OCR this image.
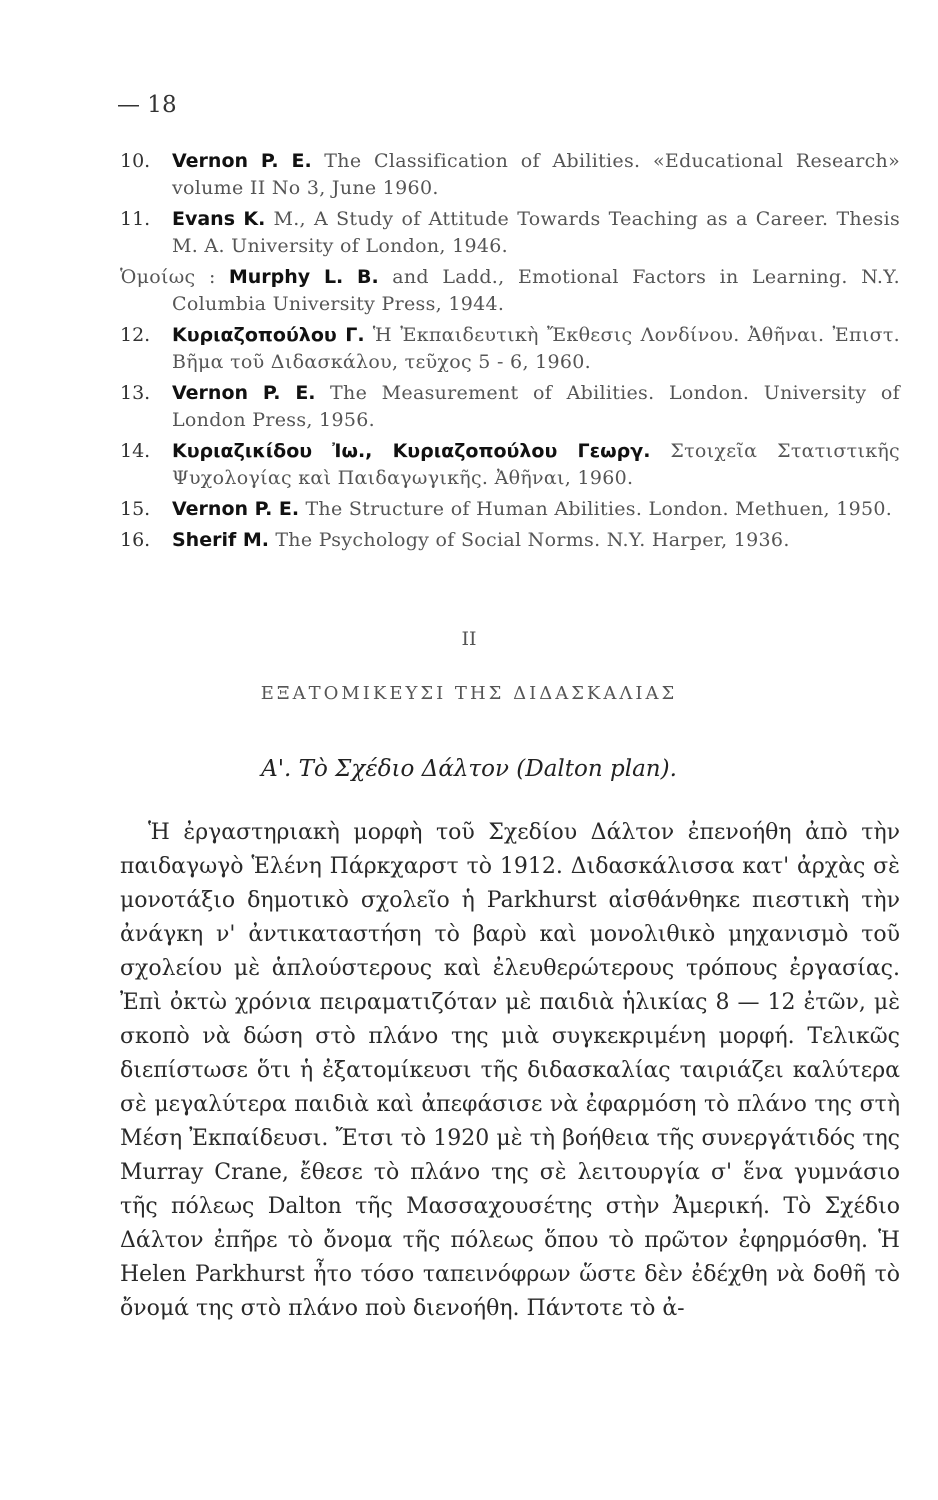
— 18
10.	Vernon P. E. The Classification of Abilities. «Educational Research» volume II No 3, June 1960.
11.	Evans K. M., A Study of Attitude Towards Teaching as a Career. Thesis M. A. University of London, 1946.
Ὁμοίως : Murphy L. B. and Ladd., Emotional Factors in Learning. N.Y. Columbia University Press, 1944.
12.	Κυριαζοπούλου Γ. Ἡ Ἐκπαιδευτικὴ Ἔκθεσις Λονδίνου. Ἀθῆναι. Ἐπιστ. Βῆμα τοῦ Διδασκάλου, τεῦχος 5 - 6, 1960.
13.	Vernon P. E. The Measurement of Abilities. London. University of London Press, 1956.
14.	Κυριαζικίδου Ἰω., Κυριαζοπούλου Γεωργ. Στοιχεῖα Στατιστικῆς Ψυχολογίας καὶ Παιδαγωγικῆς. Ἀθῆναι, 1960.
15.	Vernon P. E. The Structure of Human Abilities. London. Methuen, 1950.
16.	Sherif M. The Psychology of Social Norms. N.Y. Harper, 1936.
II
ΕΞΑΤΟΜΙΚΕΥΣΙ ΤΗΣ ΔΙΔΑΣΚΑΛΙΑΣ
Α'. Τὸ Σχέδιο Δάλτον (Dalton plan).

Ἡ ἐργαστηριακὴ μορφὴ τοῦ Σχεδίου Δάλτον ἐπενοήθη ἀπὸ τὴν παιδαγωγὸ Ἑλένη Πάρκχαρστ τὸ 1912. Διδασκάλισσα κατ' ἀρχὰς σὲ μονοτάξιο δημοτικὸ σχολεῖο ἡ Parkhurst αἰσθάνθηκε πιεστικὴ τὴν ἀνάγκη ν' ἀντικαταστήση τὸ βαρὺ καὶ μονολιθικὸ μηχανισμὸ τοῦ σχολείου μὲ ἁπλούστερους καὶ ἐλευθερώτερους τρόπους ἐργασίας. Ἐπὶ ὀκτὼ χρόνια πειραματιζόταν μὲ παιδιὰ ἡλικίας 8 — 12 ἐτῶν, μὲ σκοπὸ νὰ δώση στὸ πλάνο της μιὰ συγκεκριμένη μορφή. Τελικῶς διεπίστωσε ὅτι ἡ ἐξατομίκευσι τῆς διδασκαλίας ταιριάζει καλύτερα σὲ μεγαλύτερα παιδιὰ καὶ ἀπεφάσισε νὰ ἐφαρμόση τὸ πλάνο της στὴ Μέση Ἐκπαίδευσι. Ἔτσι τὸ 1920 μὲ τὴ βοήθεια τῆς συνεργάτιδός της Murray Crane, ἔθεσε τὸ πλάνο της σὲ λειτουργία σ' ἕνα γυμνάσιο τῆς πόλεως Dalton τῆς Μασσαχουσέτης στὴν Ἀμερική. Τὸ Σχέδιο Δάλτον ἐπῆρε τὸ ὄνομα τῆς πόλεως ὅπου τὸ πρῶτον ἐφηρμόσθη. Ἡ Helen Parkhurst ἦτο τόσο ταπεινόφρων ὥστε δὲν ἐδέχθη νὰ δοθῆ τὸ ὄνομά της στὸ πλάνο ποὺ διενοήθη. Πάντοτε τὸ ἀ-
